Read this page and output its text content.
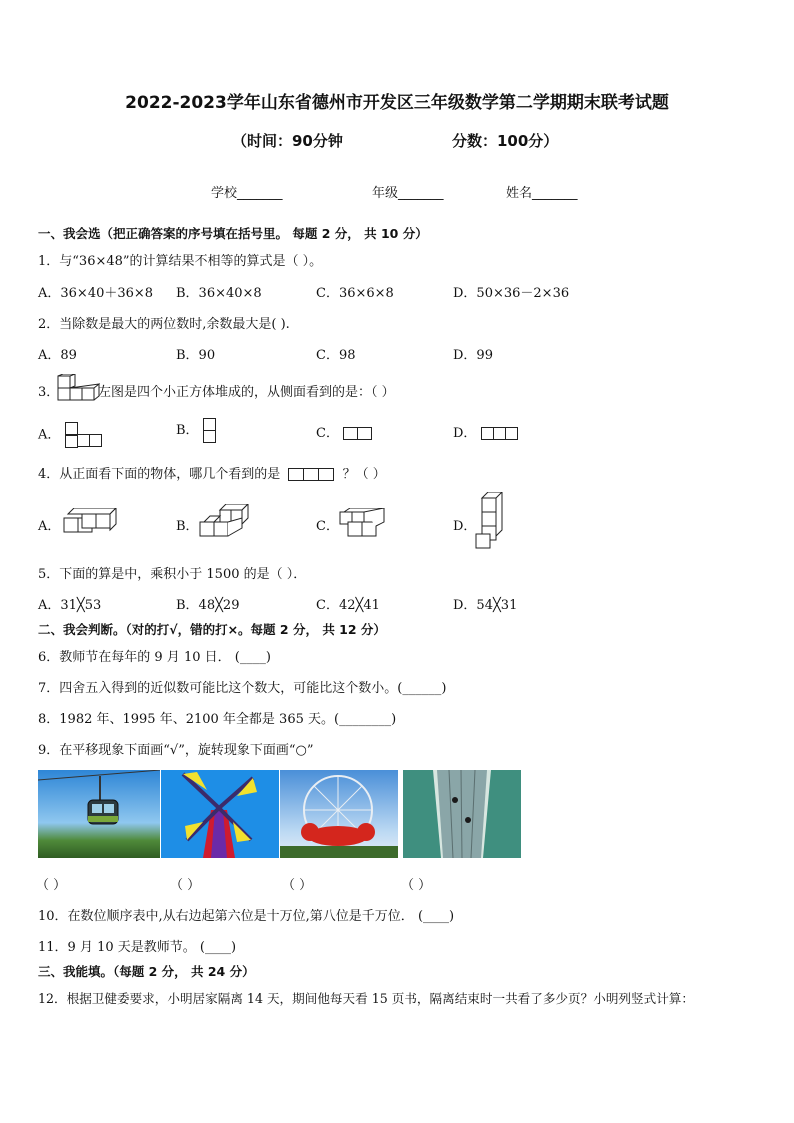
2022-2023学年山东省德州市开发区三年级数学第二学期期末联考试题
（时间：90分钟	分数：100分）
学校_______	年级_______	姓名_______
一、我会选（把正确答案的序号填在括号里。 每题 2 分， 共 10 分）
1．与“36×48”的计算结果不相等的算式是（ ）。
A．36×40＋36×8 B．36×40×8	C．36×6×8	D．50×36－2×36
2．当除数是最大的两位数时,余数最大是( ).
A．89	B．90	C．98	D．99
3．	左图是四个小正方体堆成的，从侧面看到的是：（ ）
A．	B．	C．	D．
4．从正面看下面的物体，哪几个看到的是	？（ ）
A．	B．	C．	D．
5．下面的算是中，乘积小于 1500 的是（ ）．
A．31╳53	B．48╳29	C．42╳41	D．54╳31
二、我会判断。（对的打√，错的打×。每题 2 分， 共 12 分）
6．教师节在每年的 9 月 10 日． (____)
7．四舍五入得到的近似数可能比这个数大，可能比这个数小。(______)
8．1982 年、1995 年、2100 年全都是 365 天。(________)
9．在平移现象下面画“√”，旋转现象下面画“○”
（ ）	（ ）	（ ）	（ ）
10．在数位顺序表中,从右边起第六位是十万位,第八位是千万位． (____)
11．9 月 10 天是教师节。 (____)
三、我能填。（每题 2 分， 共 24 分）
12．根据卫健委要求，小明居家隔离 14 天，期间他每天看 15 页书，隔离结束时一共看了多少页？小明列竖式计算：
